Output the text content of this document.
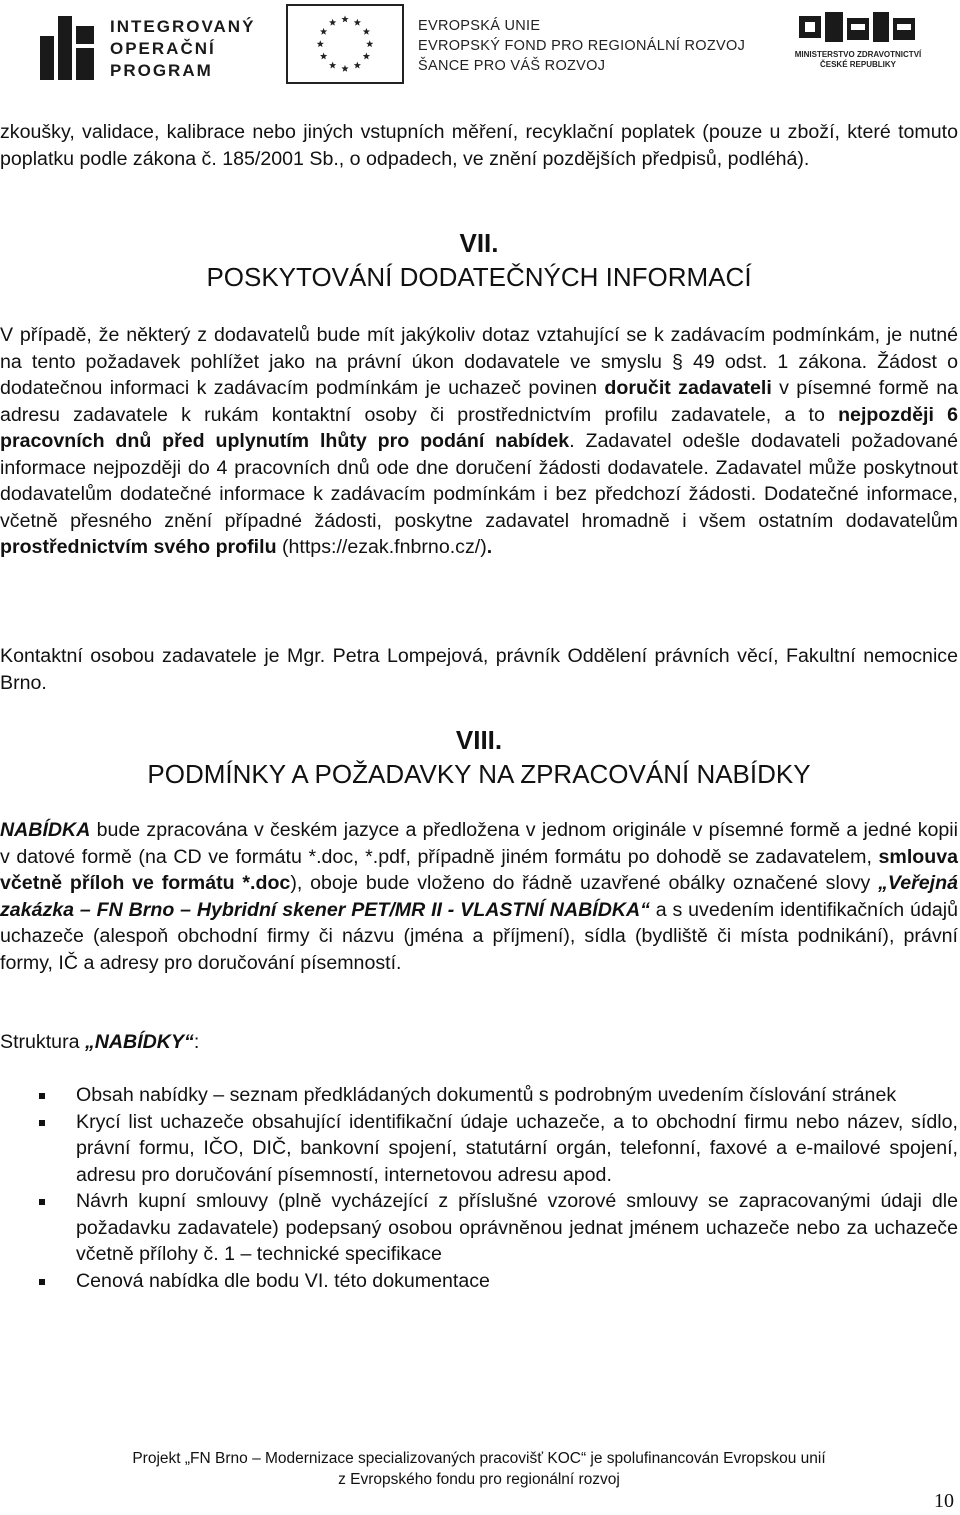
INTEGROVANÝ
OPERAČNÍ
PROGRAM
EVROPSKÁ UNIE
EVROPSKÝ FOND PRO REGIONÁLNÍ ROZVOJ
ŠANCE PRO VÁŠ ROZVOJ
MINISTERSTVO ZDRAVOTNICTVÍ
ČESKÉ REPUBLIKY
zkoušky, validace, kalibrace nebo jiných vstupních měření, recyklační poplatek (pouze u zboží, které tomuto poplatku podle zákona č. 185/2001 Sb., o odpadech, ve znění pozdějších předpisů, podléhá).
VII.
POSKYTOVÁNÍ DODATEČNÝCH INFORMACÍ
V případě, že některý z dodavatelů bude mít jakýkoliv dotaz vztahující se k zadávacím podmínkám, je nutné na tento požadavek pohlížet jako na právní úkon dodavatele ve smyslu § 49 odst. 1 zákona. Žádost o dodatečnou informaci k zadávacím podmínkám je uchazeč povinen doručit zadavateli v písemné formě na adresu zadavatele k rukám kontaktní osoby či prostřednictvím profilu zadavatele, a to nejpozději 6 pracovních dnů před uplynutím lhůty pro podání nabídek. Zadavatel odešle dodavateli požadované informace nejpozději do 4 pracovních dnů ode dne doručení žádosti dodavatele. Zadavatel může poskytnout dodavatelům dodatečné informace k zadávacím podmínkám i bez předchozí žádosti. Dodatečné informace, včetně přesného znění případné žádosti, poskytne zadavatel hromadně i všem ostatním dodavatelům prostřednictvím svého profilu (https://ezak.fnbrno.cz/).
Kontaktní osobou zadavatele je Mgr. Petra Lompejová, právník Oddělení právních věcí, Fakultní nemocnice Brno.
VIII.
PODMÍNKY A POŽADAVKY NA ZPRACOVÁNÍ NABÍDKY
NABÍDKA bude zpracována v českém jazyce a předložena v jednom originále v písemné formě a jedné kopii v datové formě (na CD ve formátu *.doc, *.pdf, případně jiném formátu po dohodě se zadavatelem, smlouva včetně příloh ve formátu *.doc), oboje bude vloženo do řádně uzavřené obálky označené slovy „Veřejná zakázka – FN Brno – Hybridní skener PET/MR II - VLASTNÍ NABÍDKA“ a s uvedením identifikačních údajů uchazeče (alespoň obchodní firmy či názvu (jména a příjmení), sídla (bydliště či místa podnikání), právní formy, IČ a adresy pro doručování písemností.
Struktura „NABÍDKY“:
Obsah nabídky – seznam předkládaných dokumentů s podrobným uvedením číslování stránek
Krycí list uchazeče obsahující identifikační údaje uchazeče, a to obchodní firmu nebo název, sídlo, právní formu, IČO, DIČ, bankovní spojení, statutární orgán, telefonní, faxové a e-mailové spojení, adresu pro doručování písemností, internetovou adresu apod.
Návrh kupní smlouvy (plně vycházející z příslušné vzorové smlouvy se zapracovanými údaji dle požadavku zadavatele) podepsaný osobou oprávněnou jednat jménem uchazeče nebo za uchazeče včetně přílohy č. 1 – technické specifikace
Cenová nabídka dle bodu VI. této dokumentace
Projekt „FN Brno – Modernizace specializovaných pracovišť KOC“ je spolufinancován Evropskou unií
z Evropského fondu pro regionální rozvoj
10
